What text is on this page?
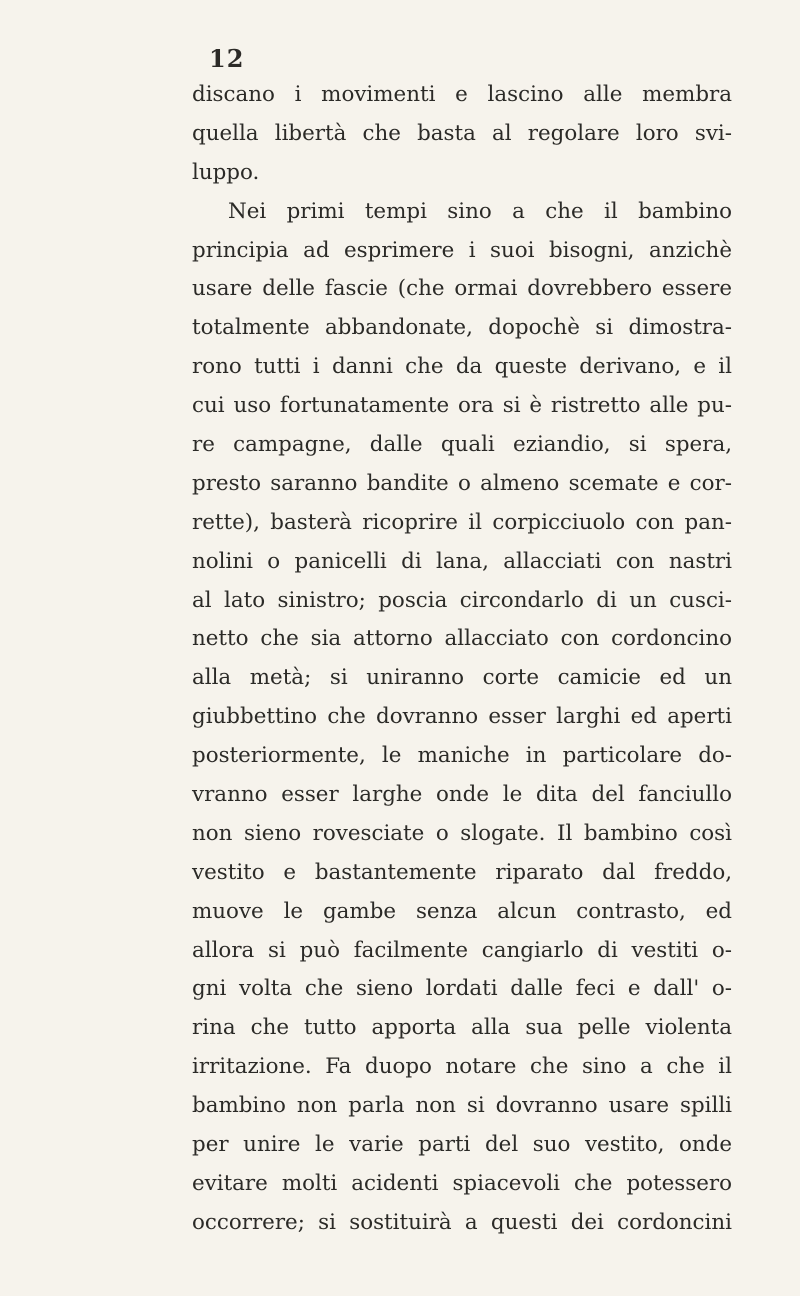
12
discano i movimenti e lascino alle membra
quella libertà che basta al regolare loro svi-
luppo.
Nei primi tempi sino a che il bambino
principia ad esprimere i suoi bisogni, anzichè
usare delle fascie (che ormai dovrebbero essere
totalmente abbandonate, dopochè si dimostra-
rono tutti i danni che da queste derivano, e il
cui uso fortunatamente ora si è ristretto alle pu-
re campagne, dalle quali eziandio, si spera,
presto saranno bandite o almeno scemate e cor-
rette), basterà ricoprire il corpicciuolo con pan-
nolini o panicelli di lana, allacciati con nastri
al lato sinistro; poscia circondarlo di un cusci-
netto che sia attorno allacciato con cordoncino
alla metà; si uniranno corte camicie ed un
giubbettino che dovranno esser larghi ed aperti
posteriormente, le maniche in particolare do-
vranno esser larghe onde le dita del fanciullo
non sieno rovesciate o slogate. Il bambino così
vestito e bastantemente riparato dal freddo,
muove le gambe senza alcun contrasto, ed
allora si può facilmente cangiarlo di vestiti o-
gni volta che sieno lordati dalle feci e dall' o-
rina che tutto apporta alla sua pelle violenta
irritazione. Fa duopo notare che sino a che il
bambino non parla non si dovranno usare spilli
per unire le varie parti del suo vestito, onde
evitare molti acidenti spiacevoli che potessero
occorrere; si sostituirà a questi dei cordoncini
